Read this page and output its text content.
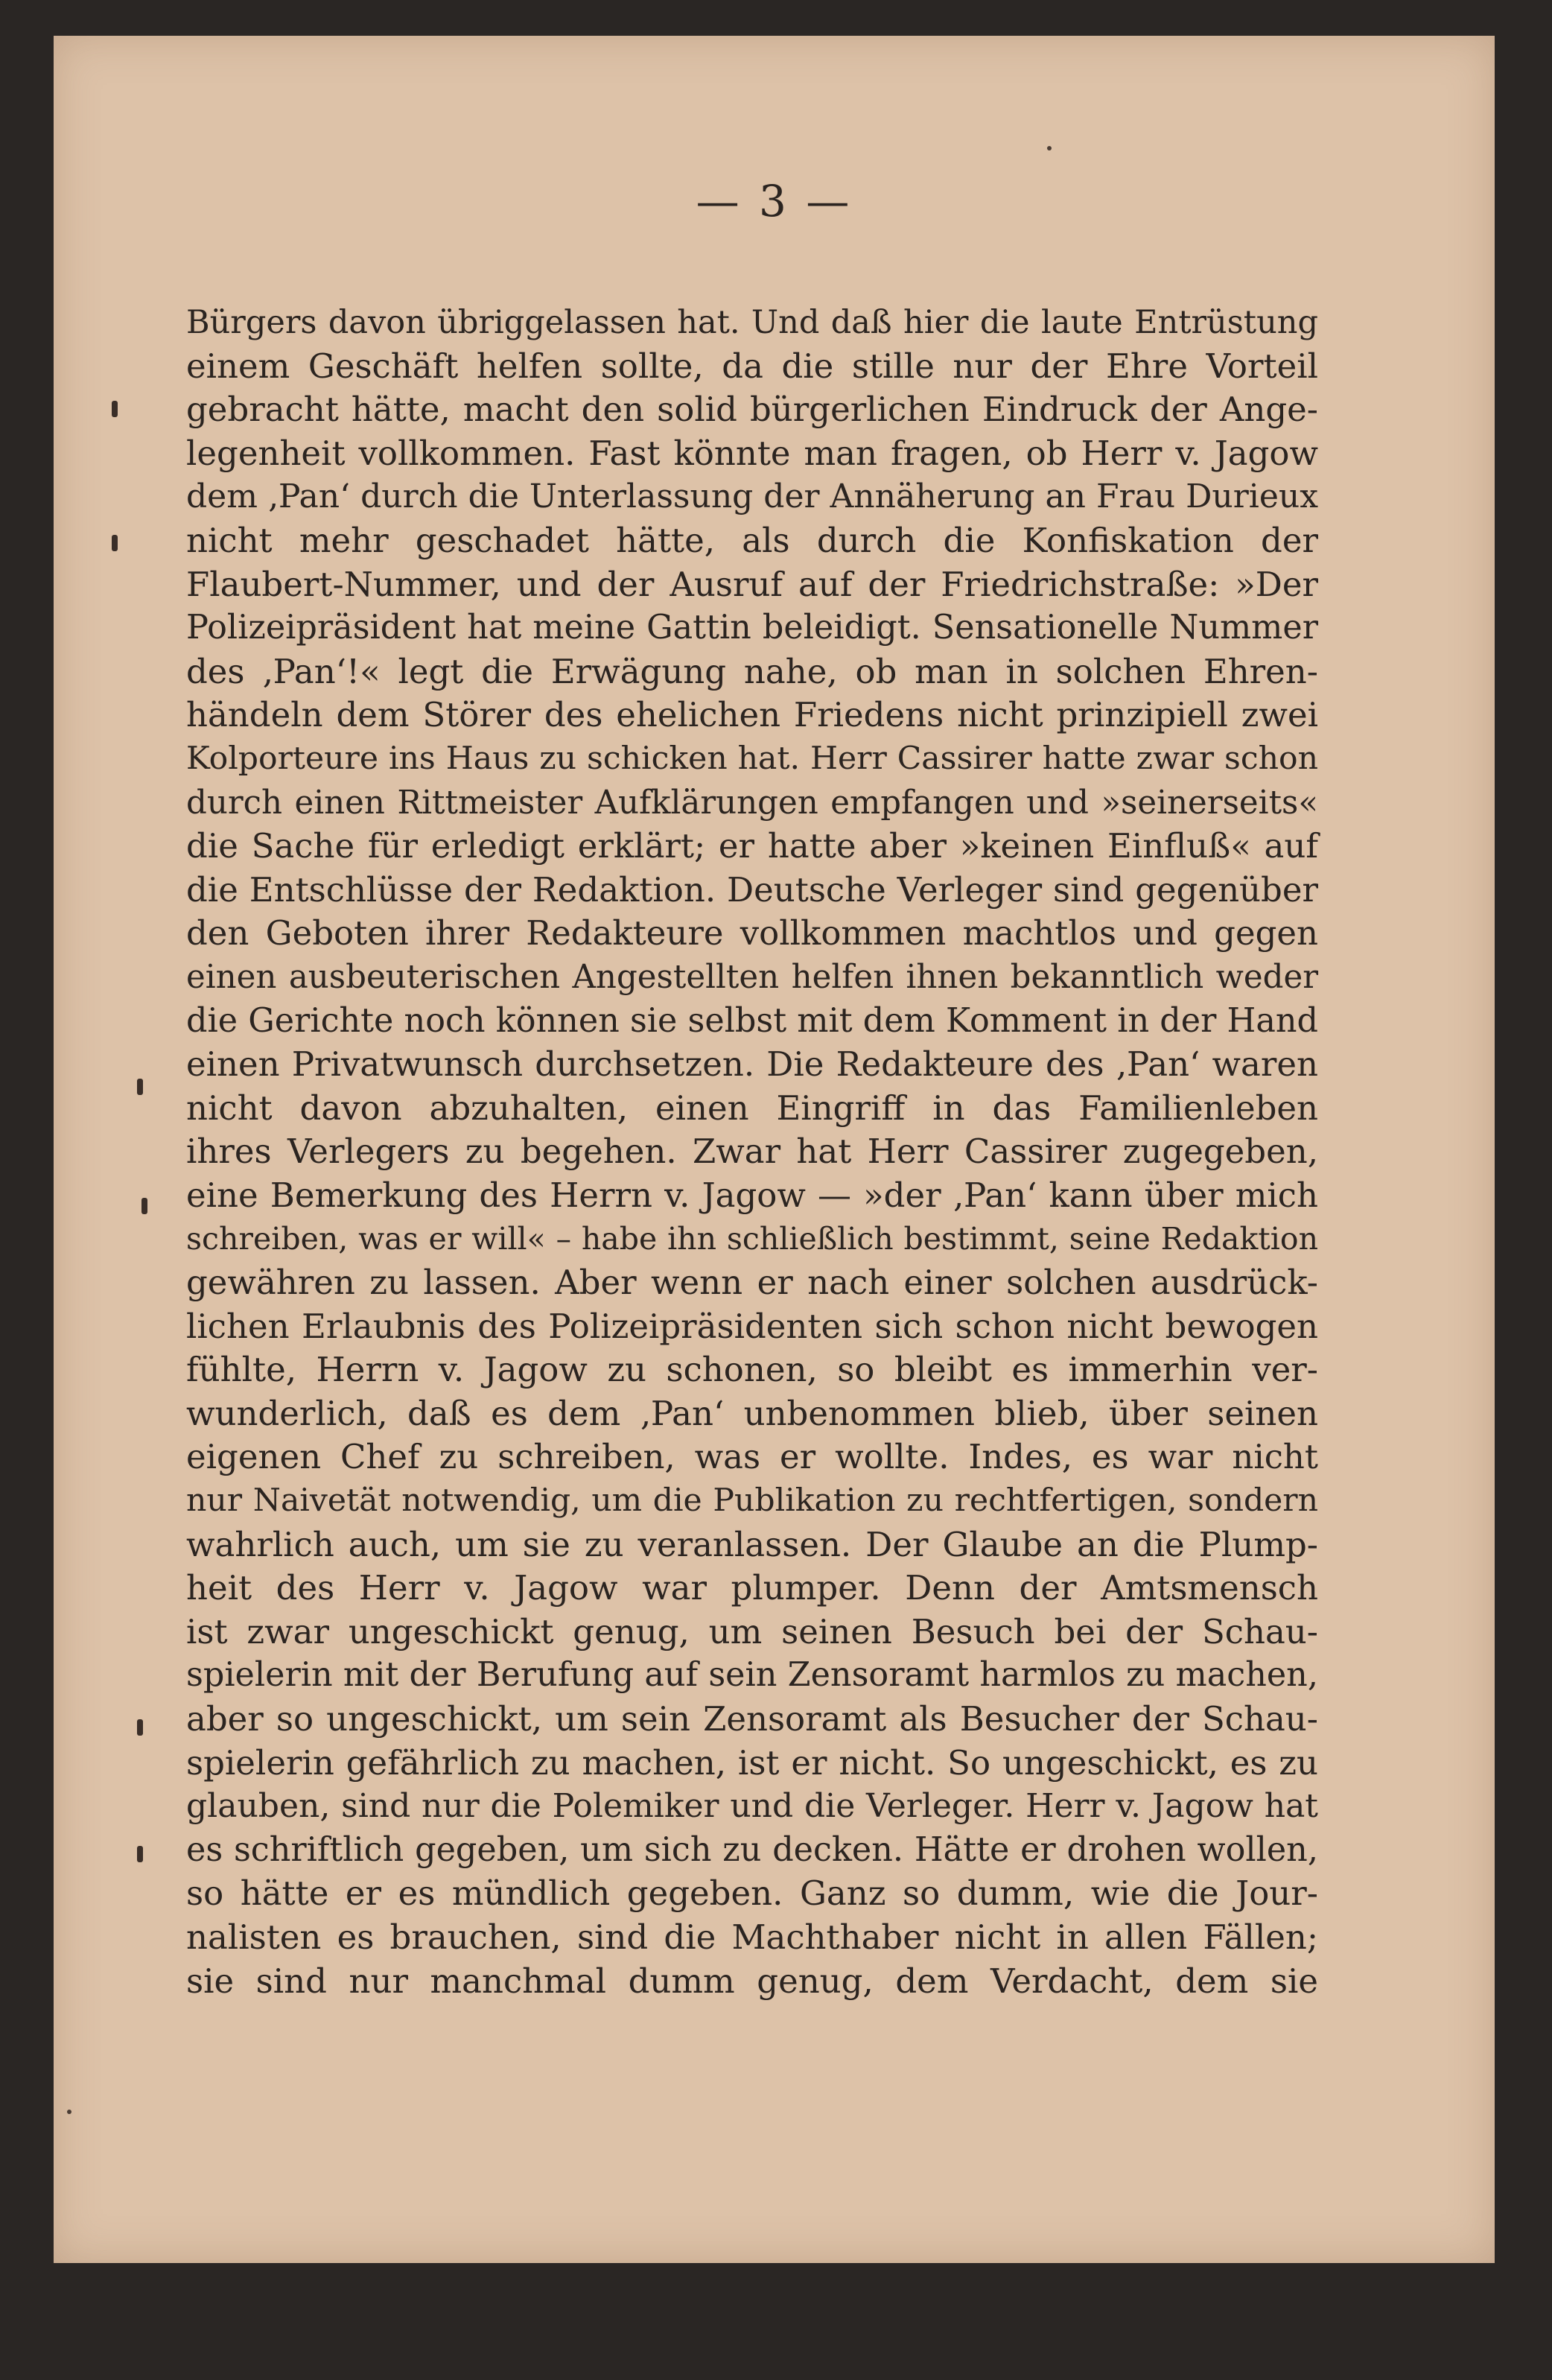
— 3 —
Bürgers davon übriggelassen hat. Und daß hier die laute Entrüstung
einem Geschäft helfen sollte, da die stille nur der Ehre Vorteil
gebracht hätte, macht den solid bürgerlichen Eindruck der Ange-
legenheit vollkommen. Fast könnte man fragen, ob Herr v. Jagow
dem ‚Pan‘ durch die Unterlassung der Annäherung an Frau Durieux
nicht mehr geschadet hätte, als durch die Konfiskation der
Flaubert-Nummer, und der Ausruf auf der Friedrichstraße: »Der
Polizeipräsident hat meine Gattin beleidigt. Sensationelle Nummer
des ‚Pan‘!« legt die Erwägung nahe, ob man in solchen Ehren-
händeln dem Störer des ehelichen Friedens nicht prinzipiell zwei
Kolporteure ins Haus zu schicken hat. Herr Cassirer hatte zwar schon
durch einen Rittmeister Aufklärungen empfangen und »seinerseits«
die Sache für erledigt erklärt; er hatte aber »keinen Einfluß« auf
die Entschlüsse der Redaktion. Deutsche Verleger sind gegenüber
den Geboten ihrer Redakteure vollkommen machtlos und gegen
einen ausbeuterischen Angestellten helfen ihnen bekanntlich weder
die Gerichte noch können sie selbst mit dem Komment in der Hand
einen Privatwunsch durchsetzen. Die Redakteure des ‚Pan‘ waren
nicht davon abzuhalten, einen Eingriff in das Familienleben
ihres Verlegers zu begehen. Zwar hat Herr Cassirer zugegeben,
eine Bemerkung des Herrn v. Jagow — »der ‚Pan‘ kann über mich
schreiben, was er will« – habe ihn schließlich bestimmt, seine Redaktion
gewähren zu lassen. Aber wenn er nach einer solchen ausdrück-
lichen Erlaubnis des Polizeipräsidenten sich schon nicht bewogen
fühlte, Herrn v. Jagow zu schonen, so bleibt es immerhin ver-
wunderlich, daß es dem ‚Pan‘ unbenommen blieb, über seinen
eigenen Chef zu schreiben, was er wollte. Indes, es war nicht
nur Naivetät notwendig, um die Publikation zu rechtfertigen, sondern
wahrlich auch, um sie zu veranlassen. Der Glaube an die Plump-
heit des Herr v. Jagow war plumper. Denn der Amtsmensch
ist zwar ungeschickt genug, um seinen Besuch bei der Schau-
spielerin mit der Berufung auf sein Zensoramt harmlos zu machen,
aber so ungeschickt, um sein Zensoramt als Besucher der Schau-
spielerin gefährlich zu machen, ist er nicht. So ungeschickt, es zu
glauben, sind nur die Polemiker und die Verleger. Herr v. Jagow hat
es schriftlich gegeben, um sich zu decken. Hätte er drohen wollen,
so hätte er es mündlich gegeben. Ganz so dumm, wie die Jour-
nalisten es brauchen, sind die Machthaber nicht in allen Fällen;
sie sind nur manchmal dumm genug, dem Verdacht, dem sie
